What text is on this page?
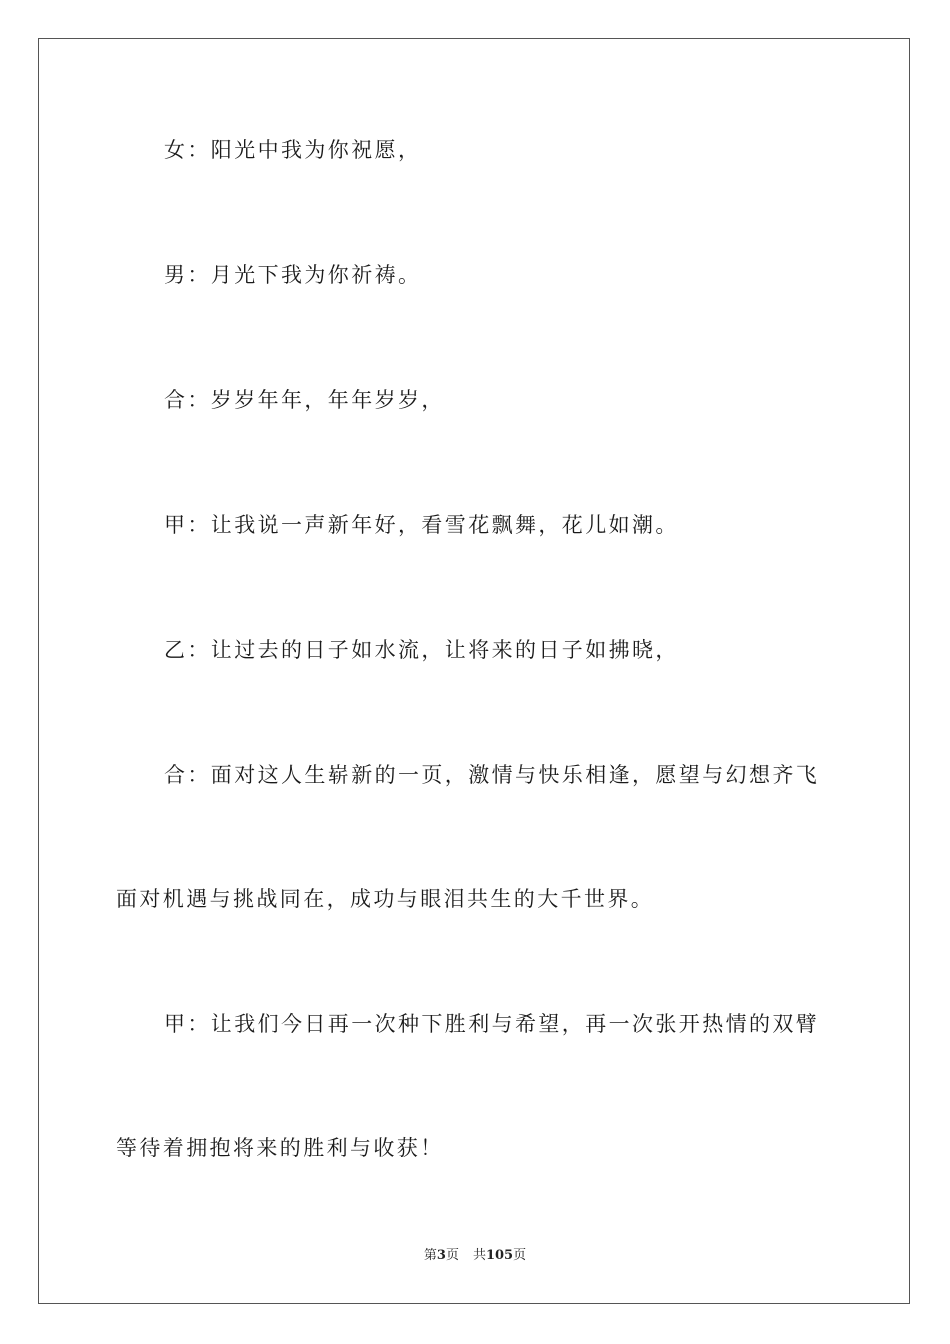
女：阳光中我为你祝愿，
男：月光下我为你祈祷。
合：岁岁年年，年年岁岁，
甲：让我说一声新年好，看雪花飘舞，花儿如潮。
乙：让过去的日子如水流，让将来的日子如拂晓，
合：面对这人生崭新的一页，激情与快乐相逢，愿望与幻想齐飞
面对机遇与挑战同在，成功与眼泪共生的大千世界。
甲：让我们今日再一次种下胜利与希望，再一次张开热情的双臂
等待着拥抱将来的胜利与收获！
第3页 共105页
